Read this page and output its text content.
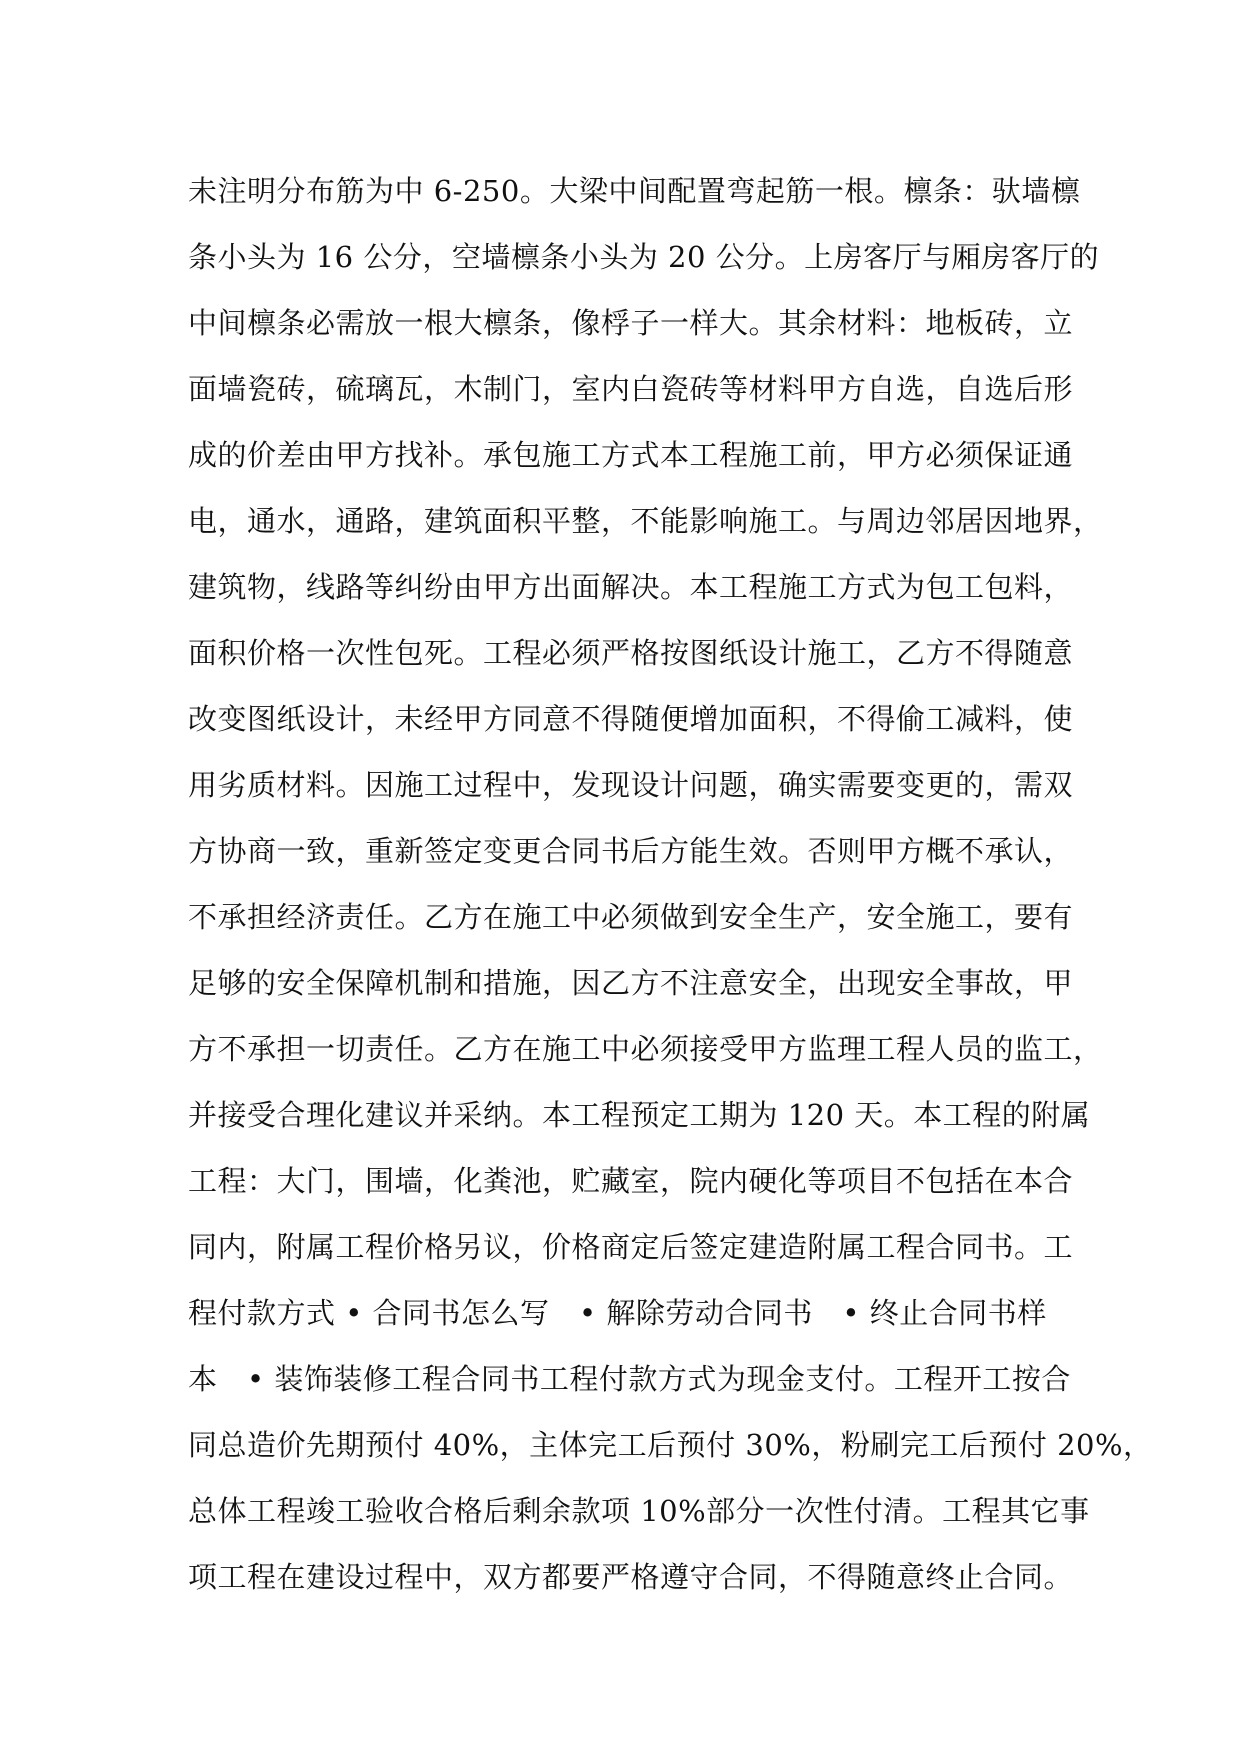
未注明分布筋为中 6-250。大梁中间配置弯起筋一根。檩条：驮墙檩
条小头为 16 公分，空墙檩条小头为 20 公分。上房客厅与厢房客厅的
中间檩条必需放一根大檩条，像桴子一样大。其余材料：地板砖，立
面墙瓷砖，硫璃瓦，木制门，室内白瓷砖等材料甲方自选，自选后形
成的价差由甲方找补。承包施工方式本工程施工前，甲方必须保证通
电，通水，通路，建筑面积平整，不能影响施工。与周边邻居因地界，
建筑物，线路等纠纷由甲方出面解决。本工程施工方式为包工包料，
面积价格一次性包死。工程必须严格按图纸设计施工，乙方不得随意
改变图纸设计，未经甲方同意不得随便增加面积，不得偷工减料，使
用劣质材料。因施工过程中，发现设计问题，确实需要变更的，需双
方协商一致，重新签定变更合同书后方能生效。否则甲方概不承认，
不承担经济责任。乙方在施工中必须做到安全生产，安全施工，要有
足够的安全保障机制和措施，因乙方不注意安全，出现安全事故，甲
方不承担一切责任。乙方在施工中必须接受甲方监理工程人员的监工，
并接受合理化建议并采纳。本工程预定工期为 120 天。本工程的附属
工程：大门，围墙，化粪池，贮藏室，院内硬化等项目不包括在本合
同内，附属工程价格另议，价格商定后签定建造附属工程合同书。工
程付款方式 • 合同书怎么写　• 解除劳动合同书　• 终止合同书样
本　• 装饰装修工程合同书工程付款方式为现金支付。工程开工按合
同总造价先期预付 40%，主体完工后预付 30%，粉刷完工后预付 20%，
总体工程竣工验收合格后剩余款项 10%部分一次性付清。工程其它事
项工程在建设过程中，双方都要严格遵守合同，不得随意终止合同。
